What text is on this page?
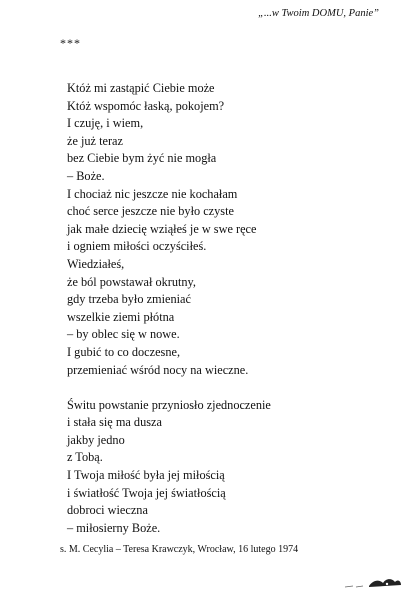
„...w Twoim DOMU, Panie”
***
Któż mi zastąpić Ciebie może
Któż wspomóc łaską, pokojem?
I czuję, i wiem,
że już teraz
bez Ciebie bym żyć nie mogła
– Boże.
I chociaż nic jeszcze nie kochałam
choć serce jeszcze nie było czyste
jak małe dziecię wziąłeś je w swe ręce
i ogniem miłości oczyściłeś.
Wiedziałeś,
że ból powstawał okrutny,
gdy trzeba było zmieniać
wszelkie ziemi płótna
– by oblec się w nowe.
I gubić to co doczesne,
przemieniać wśród nocy na wieczne.
Świtu powstanie przyniosło zjednoczenie
i stała się ma dusza
jakby jedno
z Tobą.
I Twoja miłość była jej miłością
i światłość Twoja jej światłością
dobroci wieczna
– miłosierny Boże.
s. M. Cecylia – Teresa Krawczyk, Wrocław, 16 lutego 1974
